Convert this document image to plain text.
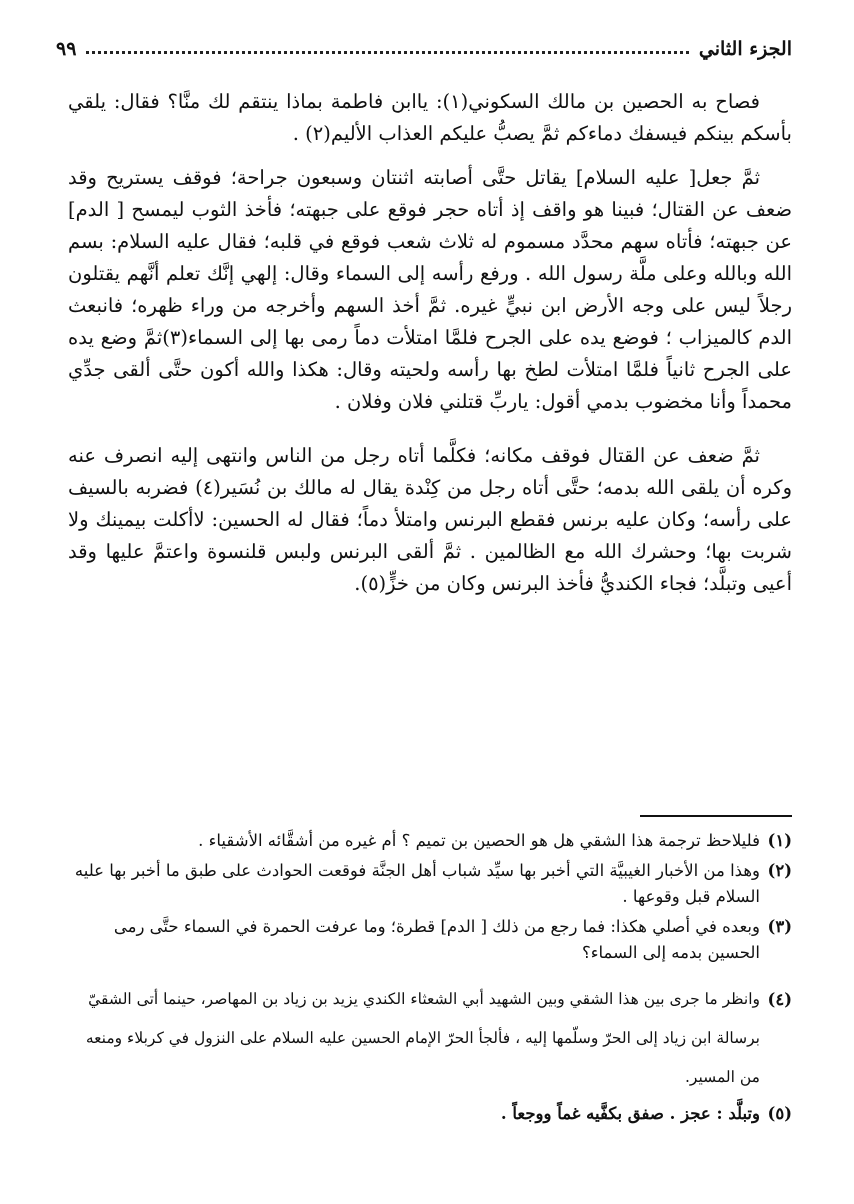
الجزء الثاني
٩٩

فصاح به الحصين بن مالك السكوني(١): ياابن فاطمة بماذا ينتقم لك منَّا؟ فقال: يلقي بأسكم بينكم فيسفك دماءكم ثمَّ يصبُّ عليكم العذاب الأليم(٢) .

ثمَّ جعل[ عليه السلام] يقاتل حتَّى أصابته اثنتان وسبعون جراحة؛ فوقف يستريح وقد ضعف عن القتال؛ فبينا هو واقف إذ أتاه حجر فوقع على جبهته؛ فأخذ الثوب ليمسح [ الدم] عن جبهته؛ فأتاه سهم محدَّد مسموم له ثلاث شعب فوقع في قلبه؛ فقال عليه السلام: بسم الله وبالله وعلى ملَّة رسول الله . ورفع رأسه إلى السماء وقال: إلهي إنَّك تعلم أنَّهم يقتلون رجلاً ليس على وجه الأرض ابن نبيٍّ غيره. ثمَّ أخذ السهم وأخرجه من وراء ظهره؛ فانبعث الدم كالميزاب ؛ فوضع يده على الجرح فلمَّا امتلأت دماً رمى بها إلى السماء(٣)ثمَّ وضع يده على الجرح ثانياً فلمَّا امتلأت لطخ بها رأسه ولحيته وقال: هكذا والله أكون حتَّى ألقى جدِّي محمداً وأنا مخضوب بدمي أقول: ياربِّ قتلني فلان وفلان .

ثمَّ ضعف عن القتال فوقف مكانه؛ فكلَّما أتاه رجل من الناس وانتهى إليه انصرف عنه وكره أن يلقى الله بدمه؛ حتَّى أتاه رجل من كِنْدة يقال له مالك بن نُسَير(٤) فضربه بالسيف على رأسه؛ وكان عليه برنس فقطع البرنس وامتلأ دماً؛ فقال له الحسين: لاأكلت بيمينك ولا شربت بها؛ وحشرك الله مع الظالمين . ثمَّ ألقى البرنس ولبس قلنسوة واعتمَّ عليها وقد أعيى وتبلَّد؛ فجاء الكنديُّ فأخذ البرنس وكان من خزٍّ(٥).

(١)
فليلاحظ ترجمة هذا الشقي هل هو الحصين بن تميم ؟ أم غيره من أشقَّائه الأشقياء .
(٢)
وهذا من الأخبار الغيبيَّة التي أخبر بها سيِّد شباب أهل الجنَّة فوقعت الحوادث على طبق ما أخبر بها عليه السلام قبل وقوعها .
(٣)
وبعده في أصلي هكذا: فما رجع من ذلك [ الدم] قطرة؛ وما عرفت الحمرة في السماء حتَّى رمى الحسين بدمه إلى السماء؟
(٤)
وانظر ما جرى بين هذا الشقي وبين الشهيد أبي الشعثاء الكندي يزيد بن زياد بن المهاصر، حينما أتى الشقيّ برسالة ابن زياد إلى الحرّ وسلّمها إليه ، فألجأ الحرّ الإمام الحسين عليه السلام على النزول في كربلاء ومنعه من المسير.
(٥)
وتبلَّد : عجز . صفق بكفَّيه غماً ووجعاً .
